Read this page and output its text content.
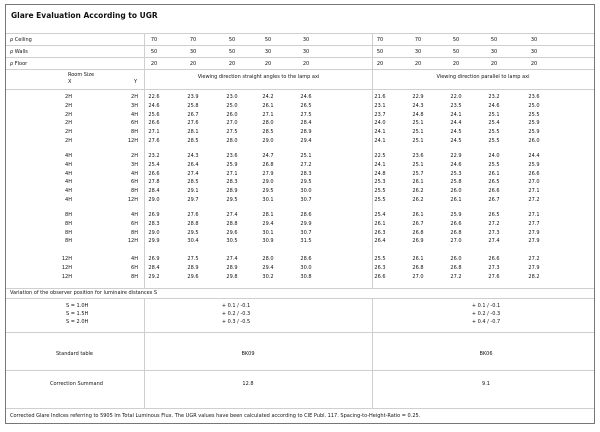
Glare Evaluation According to UGR
ρ Ceiling	70	70	50	50	30	70	70	50	50	30
ρ Walls	50	30	50	30	30	50	30	50	30	30
ρ Floor	20	20	20	20	20	20	20	20	20	20
Room Size
X	Y
Viewing direction straight angles to the lamp axi	Viewing direction parallel to lamp axi
2H	2H	22.6	23.9	23.0	24.2	24.6	21.6	22.9	22.0	23.2	23.6
2H	3H	24.6	25.8	25.0	26.1	26.5	23.1	24.3	23.5	24.6	25.0
2H	4H	25.6	26.7	26.0	27.1	27.5	23.7	24.8	24.1	25.1	25.5
2H	6H	26.6	27.6	27.0	28.0	28.4	24.0	25.1	24.4	25.4	25.9
2H	8H	27.1	28.1	27.5	28.5	28.9	24.1	25.1	24.5	25.5	25.9
2H	12H	27.6	28.5	28.0	29.0	29.4	24.1	25.1	24.5	25.5	26.0
4H	2H	23.2	24.3	23.6	24.7	25.1	22.5	23.6	22.9	24.0	24.4
4H	3H	25.4	26.4	25.9	26.8	27.2	24.1	25.1	24.6	25.5	25.9
4H	4H	26.6	27.4	27.1	27.9	28.3	24.8	25.7	25.3	26.1	26.6
4H	6H	27.8	28.5	28.3	29.0	29.5	25.3	26.1	25.8	26.5	27.0
4H	8H	28.4	29.1	28.9	29.5	30.0	25.5	26.2	26.0	26.6	27.1
4H	12H	29.0	29.7	29.5	30.1	30.7	25.5	26.2	26.1	26.7	27.2
8H	4H	26.9	27.6	27.4	28.1	28.6	25.4	26.1	25.9	26.5	27.1
8H	6H	28.3	28.8	28.8	29.4	29.9	26.1	26.7	26.6	27.2	27.7
8H	8H	29.0	29.5	29.6	30.1	30.7	26.3	26.8	26.8	27.3	27.9
8H	12H	29.9	30.4	30.5	30.9	31.5	26.4	26.9	27.0	27.4	27.9
12H	4H	26.9	27.5	27.4	28.0	28.6	25.5	26.1	26.0	26.6	27.2
12H	6H	28.4	28.9	28.9	29.4	30.0	26.3	26.8	26.8	27.3	27.9
12H	8H	29.2	29.6	29.8	30.2	30.8	26.6	27.0	27.2	27.6	28.2
Variation of the observer position for luminaire distances S
S = 1.0H	+ 0.1 / -0.1	+ 0.1 / -0.1
S = 1.5H	+ 0.2 / -0.3	+ 0.2 / -0.3
S = 2.0H	+ 0.3 / -0.5	+ 0.4 / -0.7
Standard table	BK09	BK06
Correction Summand	12.8	9.1
Corrected Glare Indices referring to 5905 lm Total Luminous Flux. The UGR values have been calculated according to CIE Publ. 117. Spacing-to-Height-Ratio = 0.25.
